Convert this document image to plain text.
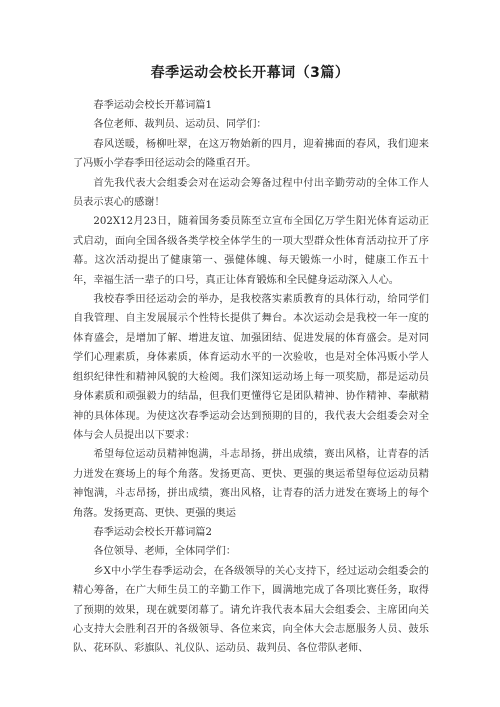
春季运动会校长开幕词（3篇）

春季运动会校长开幕词篇1

各位老师、裁判员、运动员、同学们：

春风送暖，杨柳吐翠，在这万物始新的四月，迎着拂面的春风，我们迎来了冯贩小学春季田径运动会的隆重召开。

首先我代表大会组委会对在运动会筹备过程中付出辛勤劳动的全体工作人员表示衷心的感谢！

202X12月23日，随着国务委员陈至立宣布全国亿万学生阳光体育运动正式启动，面向全国各级各类学校全体学生的一项大型群众性体育活动拉开了序幕。这次活动提出了健康第一、强健体魄、每天锻炼一小时，健康工作五十年，幸福生活一辈子的口号，真正让体育锻炼和全民健身运动深入人心。

我校春季田径运动会的举办，是我校落实素质教育的具体行动，给同学们自我管理、自主发展展示个性特长提供了舞台。本次运动会是我校一年一度的体育盛会，是增加了解、增进友谊、加强团结、促进发展的体育盛会。是对同学们心理素质，身体素质，体育运动水平的一次验收，也是对全体冯贩小学人组织纪律性和精神风貌的大检阅。我们深知运动场上每一项奖励，都是运动员身体素质和顽强毅力的结晶，但我们更懂得它是团队精神、协作精神、奉献精神的具体体现。为使这次春季运动会达到预期的目的，我代表大会组委会对全体与会人员提出以下要求：

希望每位运动员精神饱满，斗志昂扬，拼出成绩，赛出风格，让青春的活力迸发在赛场上的每个角落。发扬更高、更快、更强的奥运希望每位运动员精神饱满，斗志昂扬，拼出成绩，赛出风格，让青春的活力迸发在赛场上的每个角落。发扬更高、更快、更强的奥运

春季运动会校长开幕词篇2

各位领导、老师，全体同学们：

乡X中小学生春季运动会，在各级领导的关心支持下，经过运动会组委会的精心筹备，在广大师生员工的辛勤工作下，圆满地完成了各项比赛任务，取得了预期的效果，现在就要闭幕了。请允许我代表本届大会组委会、主席团向关心支持大会胜利召开的各级领导、各位来宾，向全体大会志愿服务人员、鼓乐队、花环队、彩旗队、礼仪队、运动员、裁判员、各位带队老师、
